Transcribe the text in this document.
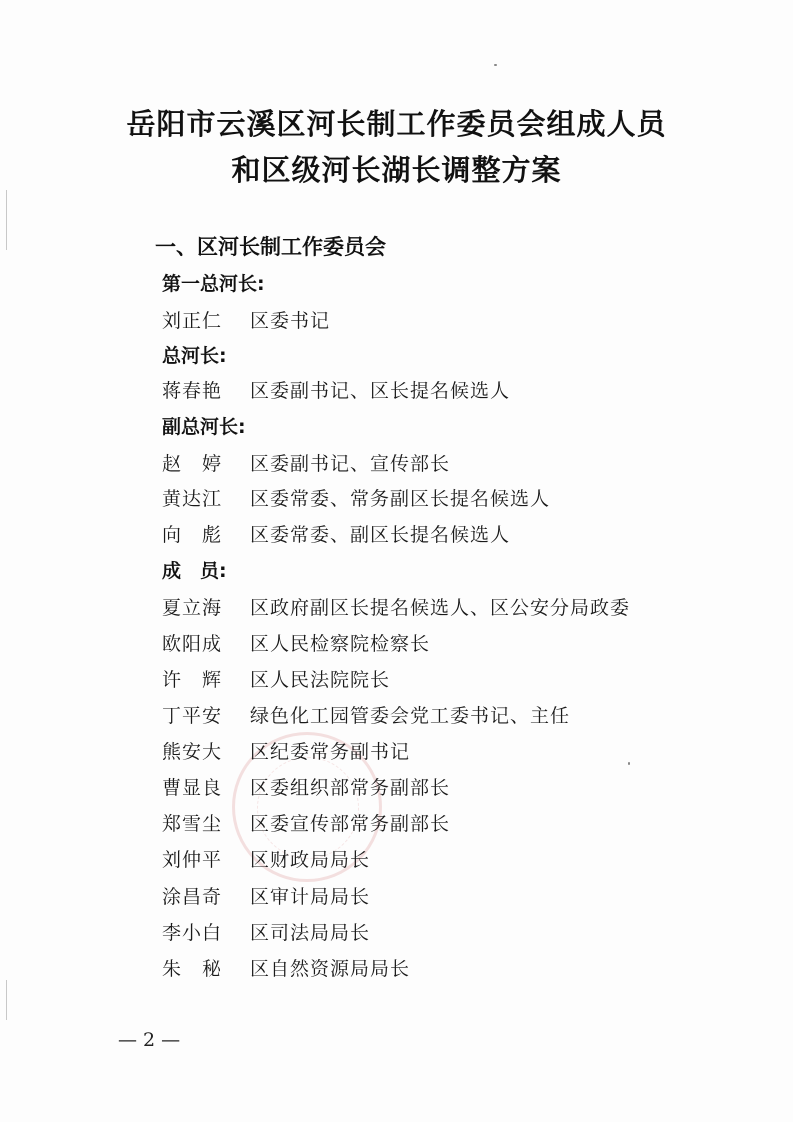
岳阳市云溪区河长制工作委员会组成人员
和区级河长湖长调整方案
一、区河长制工作委员会
第一总河长:
刘正仁 区委书记
总河长:
蒋春艳 区委副书记、区长提名候选人
副总河长:
赵　婷 区委副书记、宣传部长
黄达江 区委常委、常务副区长提名候选人
向　彪 区委常委、副区长提名候选人
成　员:
夏立海 区政府副区长提名候选人、区公安分局政委
欧阳成 区人民检察院检察长
许　辉 区人民法院院长
丁平安 绿色化工园管委会党工委书记、主任
熊安大 区纪委常务副书记
曹显良 区委组织部常务副部长
郑雪尘 区委宣传部常务副部长
刘仲平 区财政局局长
涂昌奇 区审计局局长
李小白 区司法局局长
朱　秘 区自然资源局局长
— 2 —
